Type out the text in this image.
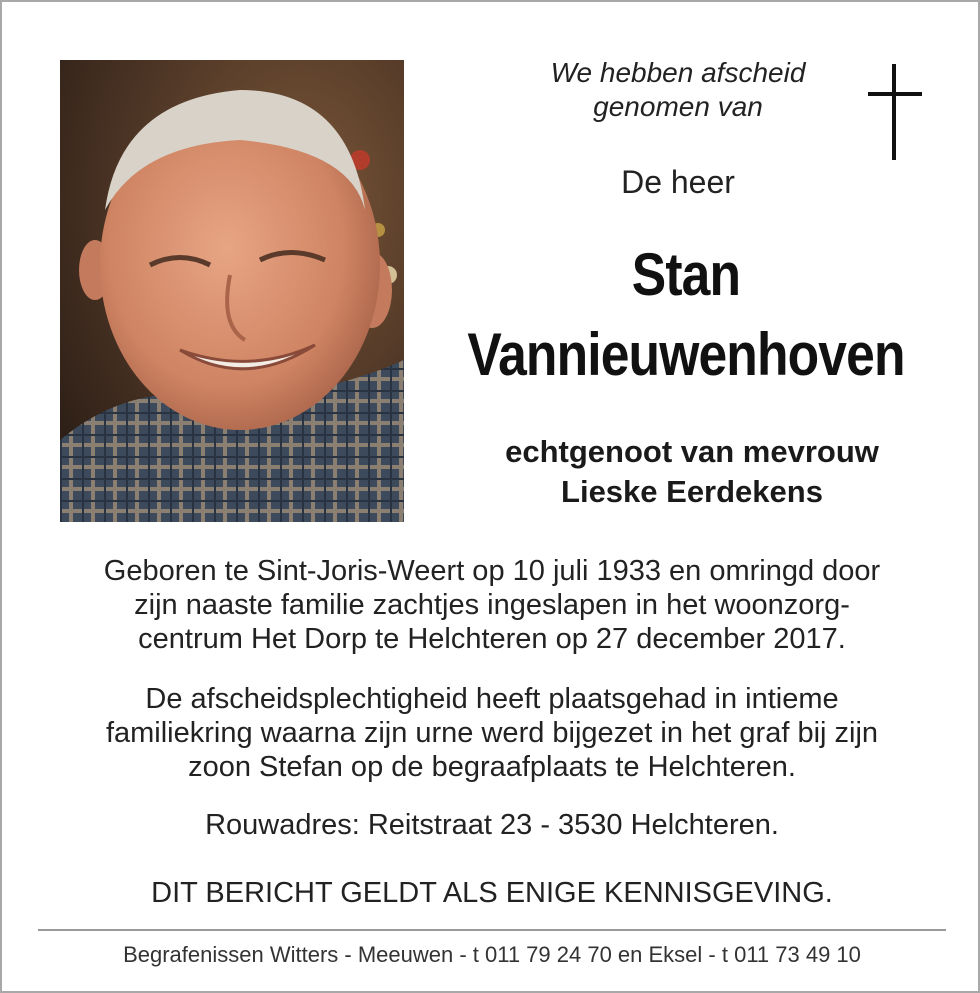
We hebben afscheid
genomen van
De heer
Stan
Vannieuwenhoven
echtgenoot van mevrouw
Lieske Eerdekens
Geboren te Sint-Joris-Weert op 10 juli 1933 en omringd door
zijn naaste familie zachtjes ingeslapen in het woonzorg-
centrum Het Dorp te Helchteren op 27 december 2017.
De afscheidsplechtigheid heeft plaatsgehad in intieme
familiekring waarna zijn urne werd bijgezet in het graf bij zijn
zoon Stefan op de begraafplaats te Helchteren.
Rouwadres: Reitstraat 23 - 3530 Helchteren.
DIT BERICHT GELDT ALS ENIGE KENNISGEVING.
Begrafenissen Witters - Meeuwen - t 011 79 24 70 en Eksel - t 011 73 49 10
